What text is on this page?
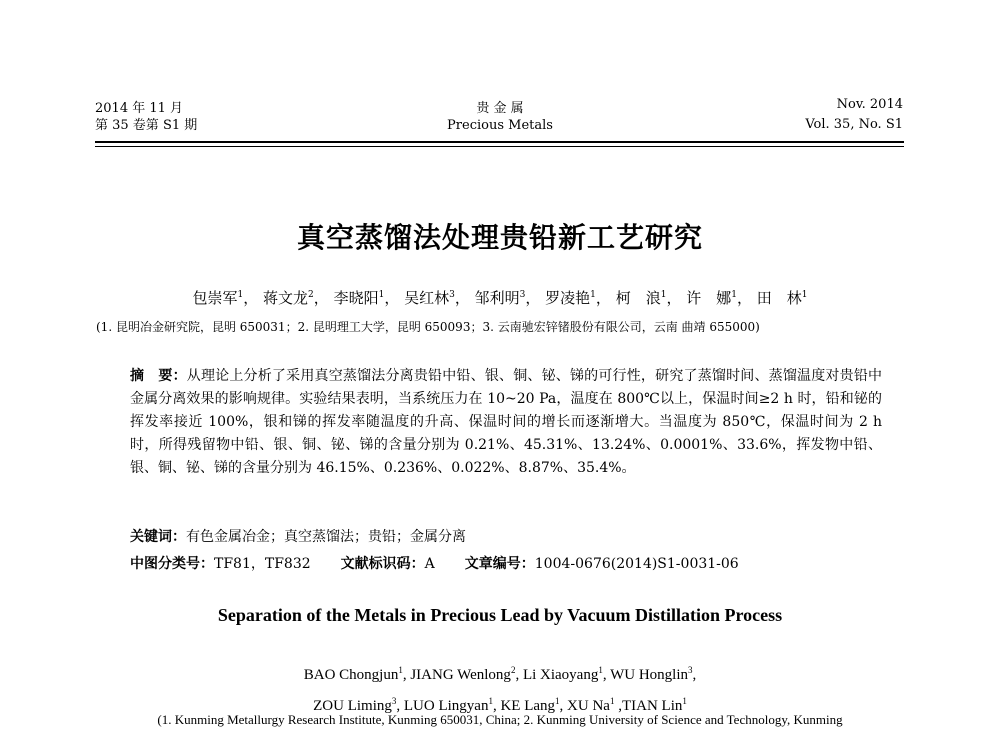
2014 年 11 月
第 35 卷第 S1 期
贵 金 属
Precious Metals
Nov. 2014
Vol. 35, No. S1
真空蒸馏法处理贵铅新工艺研究
包崇军$^1$， 蒋文龙$^2$， 李晓阳$^1$， 吴红林$^3$， 邹利明$^3$， 罗凌艳$^1$， 柯　浪$^1$， 许　娜$^1$， 田　林$^1$
(1. 昆明冶金研究院，昆明 650031；2. 昆明理工大学，昆明 650093；3. 云南驰宏锌锗股份有限公司，云南 曲靖 655000)
摘　要：从理论上分析了采用真空蒸馏法分离贵铅中铅、银、铜、铋、锑的可行性，研究了蒸馏时间、蒸馏温度对贵铅中金属分离效果的影响规律。实验结果表明，当系统压力在 10~20 Pa，温度在 800℃以上，保温时间≥2 h 时，铅和铋的挥发率接近 100%，银和锑的挥发率随温度的升高、保温时间的增长而逐渐增大。当温度为 850℃，保温时间为 2 h 时，所得残留物中铅、银、铜、铋、锑的含量分别为 0.21%、45.31%、13.24%、0.0001%、33.6%，挥发物中铅、银、铜、铋、锑的含量分别为 46.15%、0.236%、0.022%、8.87%、35.4%。
关键词：有色金属冶金；真空蒸馏法；贵铅；金属分离
中图分类号：TF81，TF832 文献标识码：A 文章编号：1004-0676(2014)S1-0031-06
Separation of the Metals in Precious Lead by Vacuum Distillation Process
BAO Chongjun$^1$, JIANG Wenlong$^2$, Li Xiaoyang$^1$, WU Honglin$^3$,
ZOU Liming$^3$, LUO Lingyan$^1$, KE Lang$^1$, XU Na$^1$ ,TIAN Lin$^1$
(1. Kunming Metallurgy Research Institute, Kunming 650031, China; 2. Kunming University of Science and Technology, Kunming
